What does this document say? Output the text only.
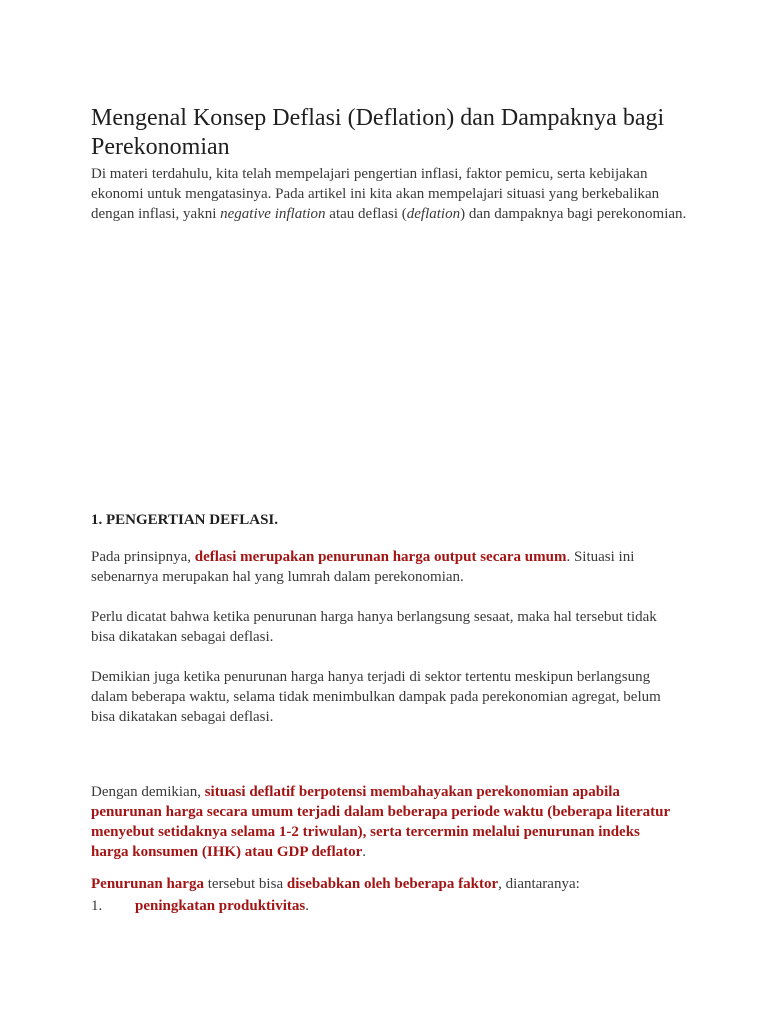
Mengenal Konsep Deflasi (Deflation) dan Dampaknya bagi Perekonomian

Di materi terdahulu, kita telah mempelajari pengertian inflasi, faktor pemicu, serta kebijakan ekonomi untuk mengatasinya. Pada artikel ini kita akan mempelajari situasi yang berkebalikan dengan inflasi, yakni negative inflation atau deflasi (deflation) dan dampaknya bagi perekonomian.

1. PENGERTIAN DEFLASI.

Pada prinsipnya, deflasi merupakan penurunan harga output secara umum. Situasi ini sebenarnya merupakan hal yang lumrah dalam perekonomian.

Perlu dicatat bahwa ketika penurunan harga hanya berlangsung sesaat, maka hal tersebut tidak bisa dikatakan sebagai deflasi.

Demikian juga ketika penurunan harga hanya terjadi di sektor tertentu meskipun berlangsung dalam beberapa waktu, selama tidak menimbulkan dampak pada perekonomian agregat, belum bisa dikatakan sebagai deflasi.

Dengan demikian, situasi deflatif berpotensi membahayakan perekonomian apabila penurunan harga secara umum terjadi dalam beberapa periode waktu (beberapa literatur menyebut setidaknya selama 1-2 triwulan), serta tercermin melalui penurunan indeks harga konsumen (IHK) atau GDP deflator.

Penurunan harga tersebut bisa disebabkan oleh beberapa faktor, diantaranya:

1. peningkatan produktivitas.
